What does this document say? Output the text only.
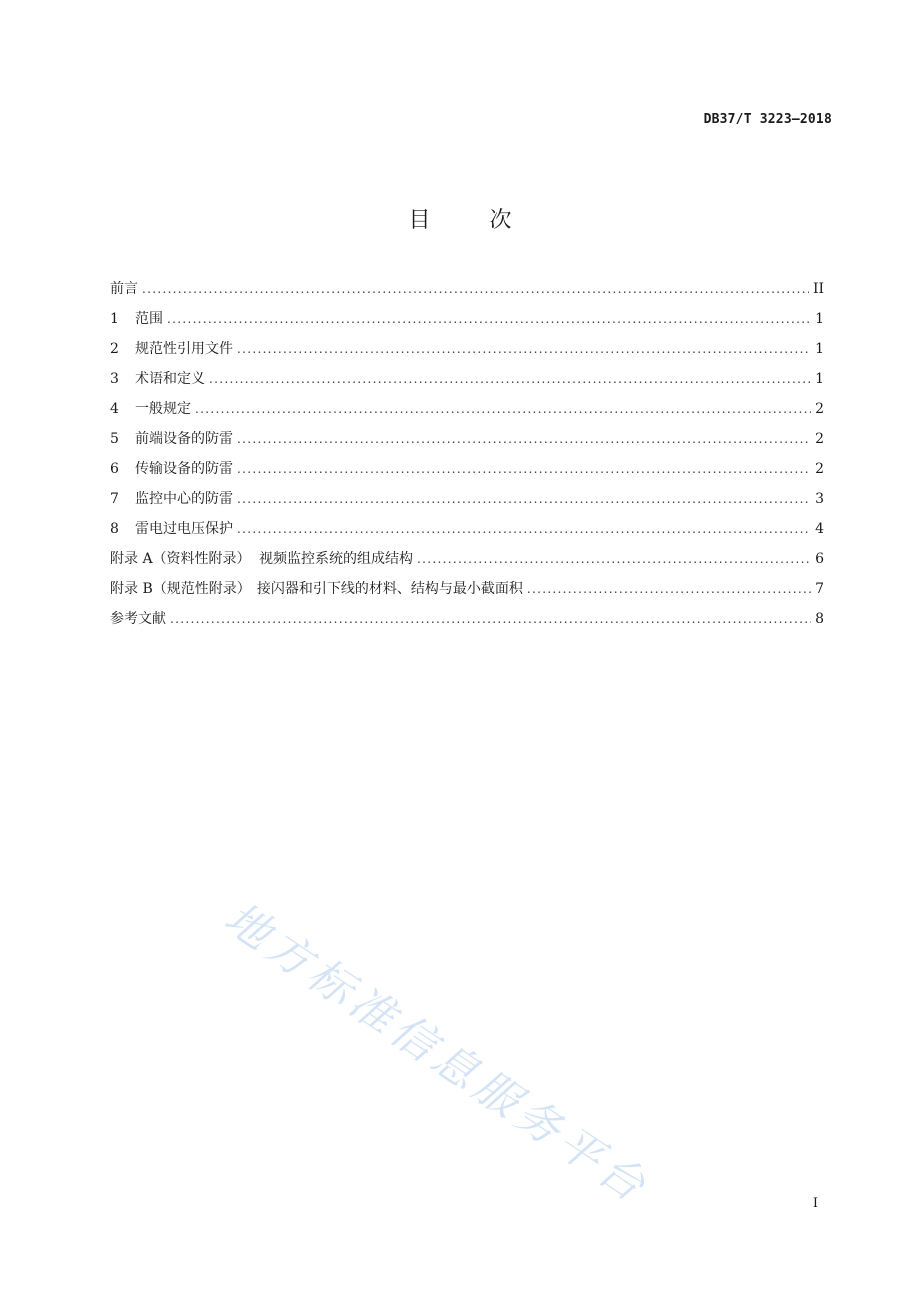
DB37/T 3223—2018
目 次
前言 .....	II
1	范围 .....	1
2	规范性引用文件 .....	1
3	术语和定义 .....	1
4	一般规定 .....	2
5	前端设备的防雷 .....	2
6	传输设备的防雷 .....	2
7	监控中心的防雷 .....	3
8	雷电过电压保护 .....	4
附录 A（资料性附录） 视频监控系统的组成结构 .....	6
附录 B（规范性附录） 接闪器和引下线的材料、结构与最小截面积 .....	7
参考文献 .....	8
地方标准信息服务平台	I
